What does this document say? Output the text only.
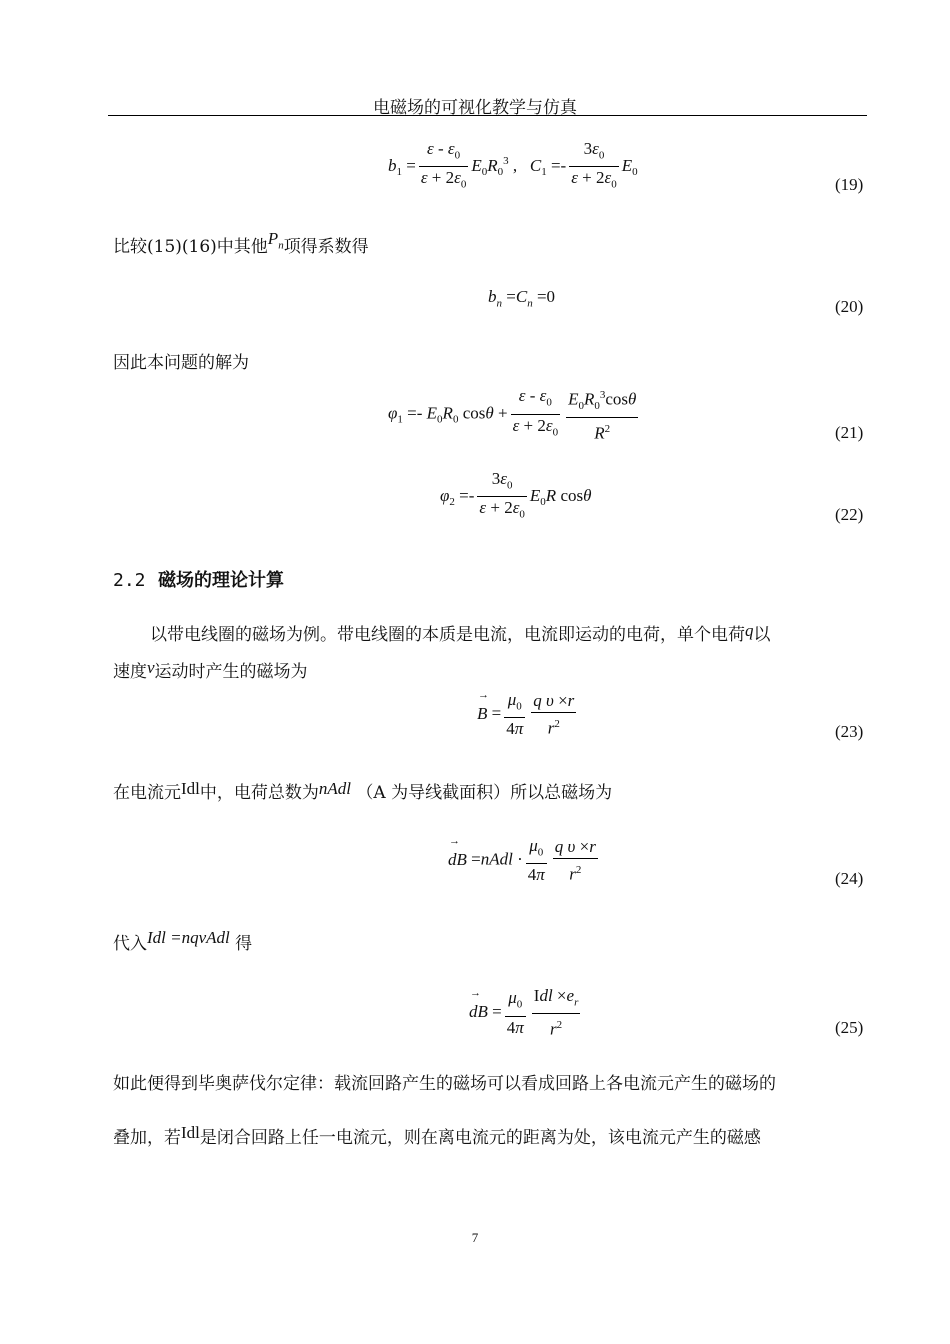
电磁场的可视化教学与仿真
$b_1 = \frac{\varepsilon - \varepsilon_0}{\varepsilon + 2\varepsilon_0} E_0R_0^3$ ,   $C_1 =- \frac{3\varepsilon_0}{\varepsilon + 2\varepsilon_0} E_0$
(19)
比较(15)(16)中其他$P_n$项得系数得
$b_n =C_n =0$
(20)
因此本问题的解为
$\varphi_1 =- E_0R_0$ $\cos\theta + \frac{\varepsilon - \varepsilon_0}{\varepsilon + 2\varepsilon_0} \frac{E_0R_0^3\cos\theta}{R^2}$	(21)
$\varphi_2 =- \frac{3\varepsilon_0}{\varepsilon + 2\varepsilon_0} E_0R$ cosθ
(22)
2.2 磁场的理论计算
以带电线圈的磁场为例。带电线圈的本质是电流，电流即运动的电荷，单个电荷q以
速度v运动时产生的磁场为
→ $B = \frac{\mu_0}{4\pi} \frac{\text{q υ ×r}}{r^2}$	(23)
在电流元Idl中，电荷总数为nAdl （A 为导线截面积）所以总磁场为
→ dB =nAdl · $\frac{\mu_0}{4\pi} \frac{\text{q υ ×r}}{r^2}$	(24)
代入Idl =nqvAdl 得
→ dB = $\frac{\mu_0}{4\pi} \frac{Idl \times e_r}{r^2}$	(25)
如此便得到毕奥萨伐尔定律：载流回路产生的磁场可以看成回路上各电流元产生的磁场的
叠加，若Idl是闭合回路上任一电流元，则在离电流元的距离为处，该电流元产生的磁感
7
